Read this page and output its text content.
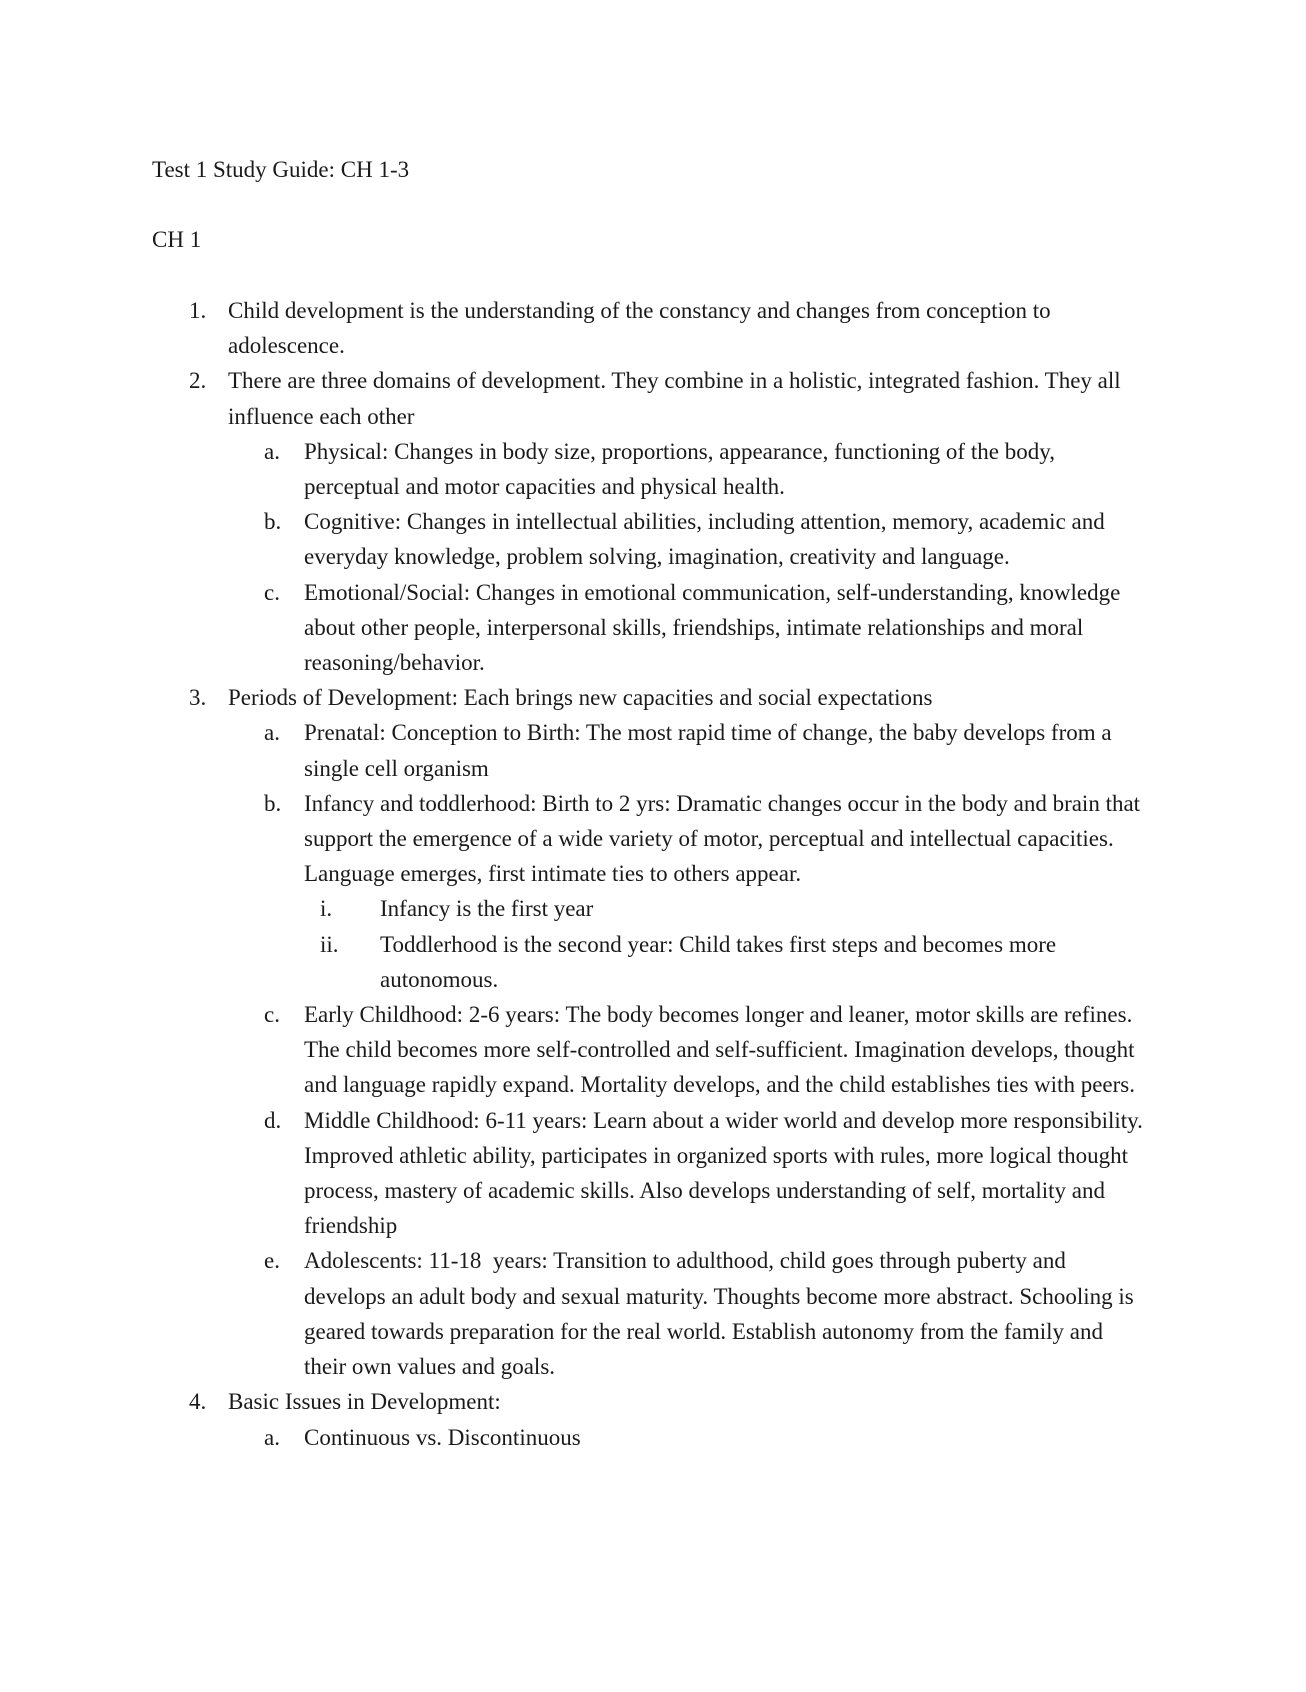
Test 1 Study Guide: CH 1-3
CH 1
1. Child development is the understanding of the constancy and changes from conception to adolescence.
2. There are three domains of development. They combine in a holistic, integrated fashion. They all influence each other
a. Physical: Changes in body size, proportions, appearance, functioning of the body, perceptual and motor capacities and physical health.
b. Cognitive: Changes in intellectual abilities, including attention, memory, academic and everyday knowledge, problem solving, imagination, creativity and language.
c. Emotional/Social: Changes in emotional communication, self-understanding, knowledge about other people, interpersonal skills, friendships, intimate relationships and moral reasoning/behavior.
3. Periods of Development: Each brings new capacities and social expectations
a. Prenatal: Conception to Birth: The most rapid time of change, the baby develops from a single cell organism
b. Infancy and toddlerhood: Birth to 2 yrs: Dramatic changes occur in the body and brain that support the emergence of a wide variety of motor, perceptual and intellectual capacities. Language emerges, first intimate ties to others appear.
i. Infancy is the first year
ii. Toddlerhood is the second year: Child takes first steps and becomes more autonomous.
c. Early Childhood: 2-6 years: The body becomes longer and leaner, motor skills are refines. The child becomes more self-controlled and self-sufficient. Imagination develops, thought and language rapidly expand. Mortality develops, and the child establishes ties with peers.
d. Middle Childhood: 6-11 years: Learn about a wider world and develop more responsibility. Improved athletic ability, participates in organized sports with rules, more logical thought process, mastery of academic skills. Also develops understanding of self, mortality and friendship
e. Adolescents: 11-18  years: Transition to adulthood, child goes through puberty and develops an adult body and sexual maturity. Thoughts become more abstract. Schooling is geared towards preparation for the real world. Establish autonomy from the family and their own values and goals.
4. Basic Issues in Development:
a. Continuous vs. Discontinuous
